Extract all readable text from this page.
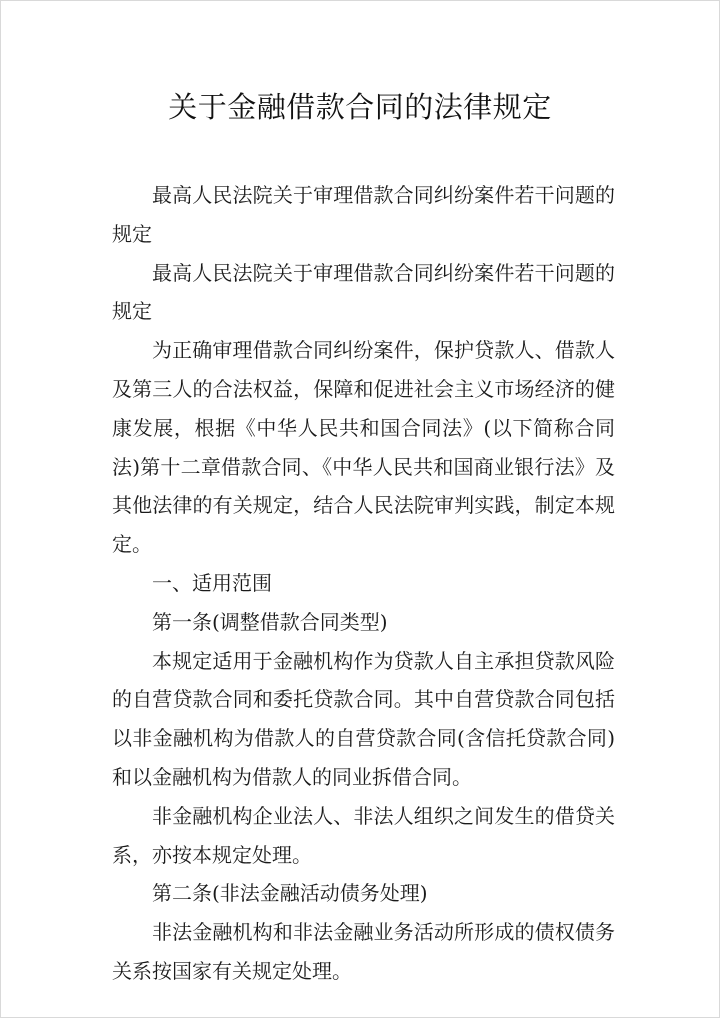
关于金融借款合同的法律规定

最高人民法院关于审理借款合同纠纷案件若干问题的规定

最高人民法院关于审理借款合同纠纷案件若干问题的规定

为正确审理借款合同纠纷案件，保护贷款人、借款人及第三人的合法权益，保障和促进社会主义市场经济的健康发展，根据《中华人民共和国合同法》(以下简称合同法)第十二章借款合同、《中华人民共和国商业银行法》及其他法律的有关规定，结合人民法院审判实践，制定本规定。

一、适用范围

第一条(调整借款合同类型)

本规定适用于金融机构作为贷款人自主承担贷款风险的自营贷款合同和委托贷款合同。其中自营贷款合同包括以非金融机构为借款人的自营贷款合同(含信托贷款合同)和以金融机构为借款人的同业拆借合同。

非金融机构企业法人、非法人组织之间发生的借贷关系，亦按本规定处理。

第二条(非法金融活动债务处理)

非法金融机构和非法金融业务活动所形成的债权债务关系按国家有关规定处理。
